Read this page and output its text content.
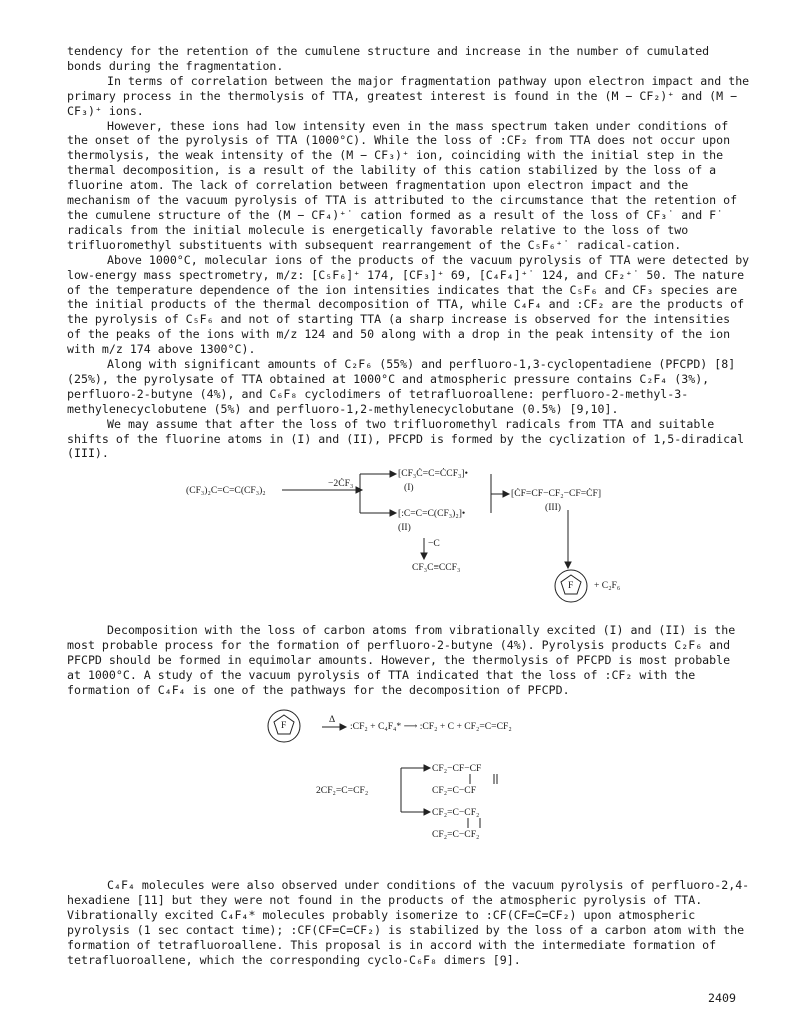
tendency for the retention of the cumulene structure and increase in the number of cumulated bonds during the fragmentation.

In terms of correlation between the major fragmentation pathway upon electron impact and the primary process in the thermolysis of TTA, greatest interest is found in the (M − CF₂)⁺ and (M − CF₃)⁺ ions.

However, these ions had low intensity even in the mass spectrum taken under conditions of the onset of the pyrolysis of TTA (1000°C). While the loss of :CF₂ from TTA does not occur upon thermolysis, the weak intensity of the (M − CF₃)⁺ ion, coinciding with the initial step in the thermal decomposition, is a result of the lability of this cation stabilized by the loss of a fluorine atom. The lack of correlation between fragmentation upon electron impact and the mechanism of the vacuum pyrolysis of TTA is attributed to the circumstance that the retention of the cumulene structure of the (M − CF₄)⁺˙ cation formed as a result of the loss of CF₃˙ and F˙ radicals from the initial molecule is energetically favorable relative to the loss of two trifluoromethyl substituents with subsequent rearrangement of the C₅F₆⁺˙ radical-cation.

Above 1000°C, molecular ions of the products of the vacuum pyrolysis of TTA were detected by low-energy mass spectrometry, m/z: [C₅F₆]⁺ 174, [CF₃]⁺ 69, [C₄F₄]⁺˙ 124, and CF₂⁺˙ 50. The nature of the temperature dependence of the ion intensities indicates that the C₅F₆ and CF₃ species are the initial products of the thermal decomposition of TTA, while C₄F₄ and :CF₂ are the products of the pyrolysis of C₅F₆ and not of starting TTA (a sharp increase is observed for the intensities of the peaks of the ions with m/z 124 and 50 along with a drop in the peak intensity of the ion with m/z 174 above 1300°C).

Along with significant amounts of C₂F₆ (55%) and perfluoro-1,3-cyclopentadiene (PFCPD) [8] (25%), the pyrolysate of TTA obtained at 1000°C and atmospheric pressure contains C₂F₄ (3%), perfluoro-2-butyne (4%), and C₆F₈ cyclodimers of tetrafluoroallene: perfluoro-2-methyl-3-methylenecyclobutene (5%) and perfluoro-1,2-methylenecyclobutane (0.5%) [9,10].

We may assume that after the loss of two trifluoromethyl radicals from TTA and suitable shifts of the fluorine atoms in (I) and (II), PFCPD is formed by the cyclization of 1,5-diradical (III).

(CF₃)₂C=C=C(CF₃)₂
−2ĊF₃
[CF₃Ċ=C=ĊCF₃]•
(I)
[:C=C=C(CF₃)₂]•
(II)
−C
CF₃C≡CCF₃
[ĊF=CF−CF₂−CF=ĊF]
(III)
F + C₂F₆

Decomposition with the loss of carbon atoms from vibrationally excited (I) and (II) is the most probable process for the formation of perfluoro-2-butyne (4%). Pyrolysis products C₂F₆ and PFCPD should be formed in equimolar amounts. However, the thermolysis of PFCPD is most probable at 1000°C. A study of the vacuum pyrolysis of TTA indicated that the loss of :CF₂ with the formation of C₄F₄ is one of the pathways for the decomposition of PFCPD.

F
Δ
:CF₂ + C₄F₄* ⟶ :CF₂ + C + CF₂=C=CF₂
2CF₂=C=CF₂
CF₂−CF−CF
CF₂=C−CF
CF₂=C−CF₂
CF₂=C−CF₂

C₄F₄ molecules were also observed under conditions of the vacuum pyrolysis of perfluoro-2,4-hexadiene [11] but they were not found in the products of the atmospheric pyrolysis of TTA. Vibrationally excited C₄F₄* molecules probably isomerize to :CF(CF=C=CF₂) upon atmospheric pyrolysis (1 sec contact time); :CF(CF=C=CF₂) is stabilized by the loss of a carbon atom with the formation of tetrafluoroallene. This proposal is in accord with the intermediate formation of tetrafluoroallene, which the corresponding cyclo-C₆F₈ dimers [9].

2409
